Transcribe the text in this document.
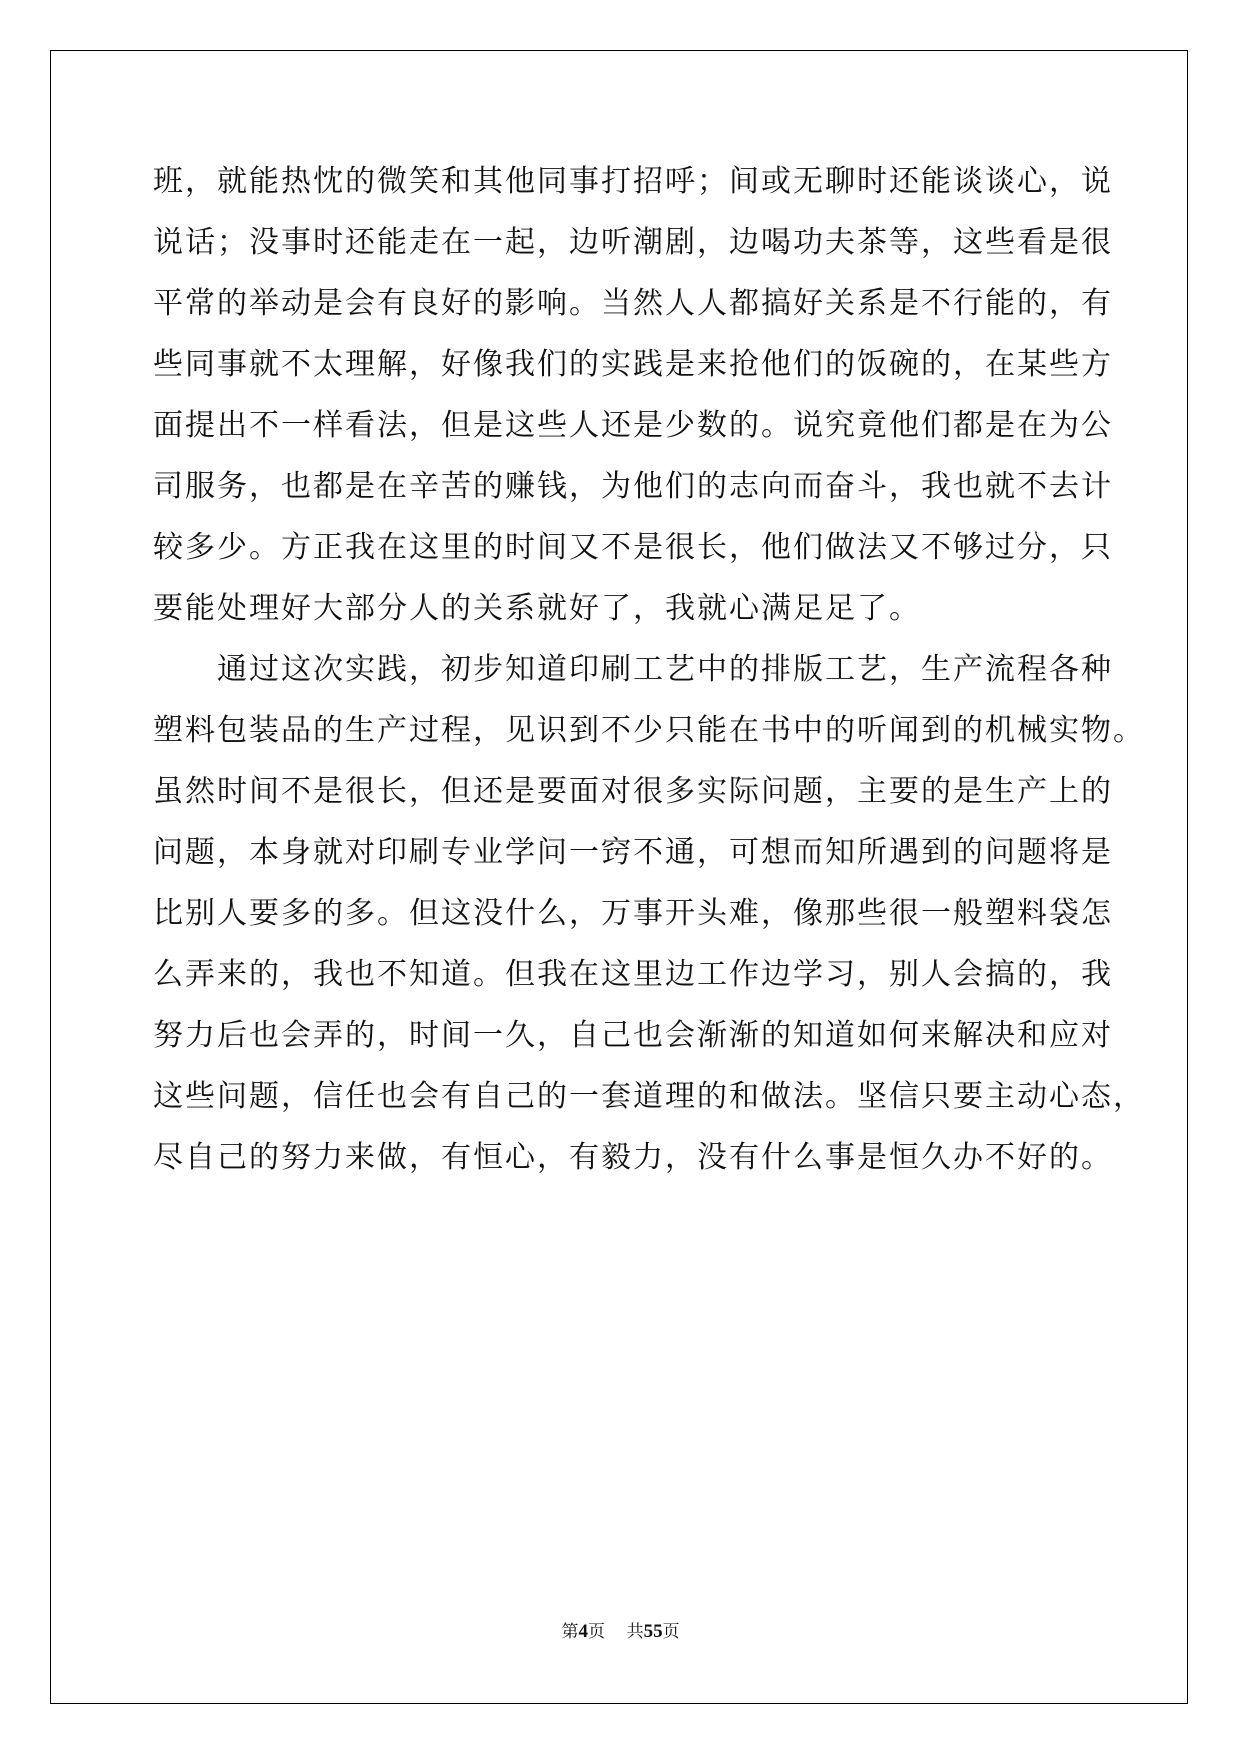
班，就能热忱的微笑和其他同事打招呼；间或无聊时还能谈谈心，说
说话；没事时还能走在一起，边听潮剧，边喝功夫茶等，这些看是很
平常的举动是会有良好的影响。当然人人都搞好关系是不行能的，有
些同事就不太理解，好像我们的实践是来抢他们的饭碗的，在某些方
面提出不一样看法，但是这些人还是少数的。说究竟他们都是在为公
司服务，也都是在辛苦的赚钱，为他们的志向而奋斗，我也就不去计
较多少。方正我在这里的时间又不是很长，他们做法又不够过分，只
要能处理好大部分人的关系就好了，我就心满足足了。
　　通过这次实践，初步知道印刷工艺中的排版工艺，生产流程各种
塑料包装品的生产过程，见识到不少只能在书中的听闻到的机械实物。
虽然时间不是很长，但还是要面对很多实际问题，主要的是生产上的
问题，本身就对印刷专业学问一窍不通，可想而知所遇到的问题将是
比别人要多的多。但这没什么，万事开头难，像那些很一般塑料袋怎
么弄来的，我也不知道。但我在这里边工作边学习，别人会搞的，我
努力后也会弄的，时间一久，自己也会渐渐的知道如何来解决和应对
这些问题，信任也会有自己的一套道理的和做法。坚信只要主动心态，
尽自己的努力来做，有恒心，有毅力，没有什么事是恒久办不好的。
第4页 共55页
